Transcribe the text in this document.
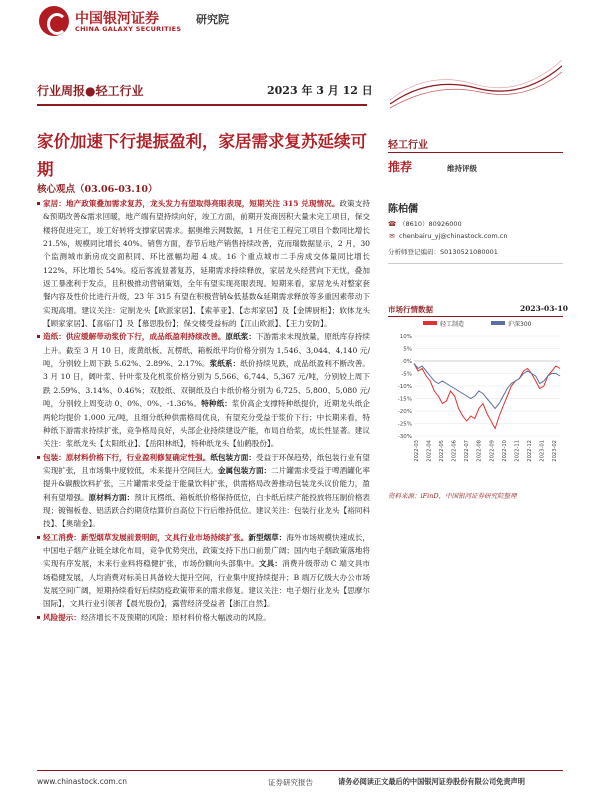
中国银河证券
CHINA GALAXY SECURITIES
研究院
行业周报●轻工行业	2023 年 3 月 12 日
家价加速下行提振盈利，家居需求复苏延续可期
核心观点（03.06-03.10）
家居：地产政策叠加需求复苏，龙头发力有望取得亮眼表现，短期关注 315 兑现情况。政策支持&预期改善&需求回暖，地产端有望持续向好，竣工方面，前期开发商因积大量未完工项目，保交楼将促进完工，竣工好转将支撑家居需求。据奥维云网数据，1 月住宅工程完工项目个数同比增长 21.5%，规模同比增长 40%。销售方面，春节后地产销售持续改善，克而瑞数据显示，2 月，30 个监测城市新房成交面积同、环比涨幅均超 4 成。16 个重点城市二手房成交体量同比增长 122%，环比增长 54%。疫后客流显著复苏，延期需求持续释放，家居龙头经营向下无忧，叠加返工暴涨利于发点，且积极推动营销策划，全年有望实现亮眼表现。短期来看，家居龙头对整家套餐内容及性价比进行升级，23 年 315 有望在积极营销&低基数&延期需求释放等多重因素带动下实现高增。建议关注：定制龙头【欧派家居】、【索菲亚】、【志邦家居】及【金牌厨柜】；软体龙头【顾家家居】、【喜临门】及【慕思股份】；保交楼受益标的【江山欧派】、【王力安防】。
造纸：供应缓解带动浆价下行，成品纸盈利持续改善。原纸浆：下游需求未现放量，原纸库存持续上升。截至 3 月 10 日，废黄纸板、瓦楞纸、箱板纸平均价格分别为 1,546、3,044、4,140 元/吨，分别较上周下跌 5.62%、2.89%、2.17%。浆纸系：纸价持续见跌，成品纸盈利不断改善。3 月 10 日，阔叶浆、针叶浆及化机浆价格分别为 5,566、6,744、5,367 元/吨，分别较上周下跌 2.59%、3.14%、0.46%；双胶纸、双铜纸及白卡纸价格分别为 6,725、5,800、5,080 元/吨，分别较上周变动 0、0%、0%、-1.36%。特种纸：浆价高企支撑特种纸提价，近期龙头纸企两轮均提价 1,000 元/吨，且细分纸种供需格局优良，有望充分受益于浆价下行；中长期来看，特种纸下游需求持续扩张，竞争格局良好，头部企业持续建设产能，布局自给浆，成长性显著。建议关注：浆纸龙头【太阳纸业】、【岳阳林纸】，特种纸龙头【仙鹤股份】。
包装：原材料价格下行，行业盈利修复确定性强。纸包装方面：受益于环保趋势，纸包装行业有望实现扩张，且市场集中度较低，未来提升空间巨大。金属包装方面：二片罐需求受益于啤酒罐化率提升&碳酸饮料扩张，三片罐需求受益于能量饮料扩张，供需格局改善推动包装龙头议价能力，盈利有望增强。原材料方面：预计瓦楞纸、箱板纸价格保持低位，白卡纸后续产能投放将压制价格表现；镀锡板卷、铝活跃合约期货结算价自高位下行后维持低位。建议关注：包装行业龙头【裕同科技】、【奥瑞金】。
轻工消费：新型烟草发展前景明朗，文具行业市场持续扩张。新型烟草：海外市场规模快速成长，中国电子烟产业链全球化布局，竞争优势突出，政策支持下出口前景广阔；国内电子烟政策落地将实现有序发展，未来行业料将稳健扩张，市场份额向头部集中。文具：消费升级带动 C 端文具市场稳健发展，人均消费对标美日具备较大提升空间，行业集中度持续提升；B 端万亿级大办公市场发展空间广阔，短期持续看好后续防疫政策带来的需求修复。建议关注：电子烟行业龙头【思摩尔国际】，文具行业引领者【晨光股份】，露营经济受益者【浙江自然】。
风险提示：经济增长不及预期的风险；原材料价格大幅波动的风险。
轻工行业
推荐	维持评级
陈柏儒
☎ （8610）80926000
✉ chenbairu_yj@chinastock.com.cn
分析师登记编码：S0130521080001
市场行情数据	2023-03-10
轻工制造	沪深300
10%
5%
0%
-5%
-10%
-15%
-20%
-25%
-30%
2022-03 2022-04 2022-05 2022-06 2022-07 2022-08 2022-09 2022-10 2022-11 2022-12 2023-01 2023-02
资料来源：iFinD，中国银河证券研究院整理
www.chinastock.com.cn	证券研究报告	请务必阅读正文最后的中国银河证券股份有限公司免责声明
